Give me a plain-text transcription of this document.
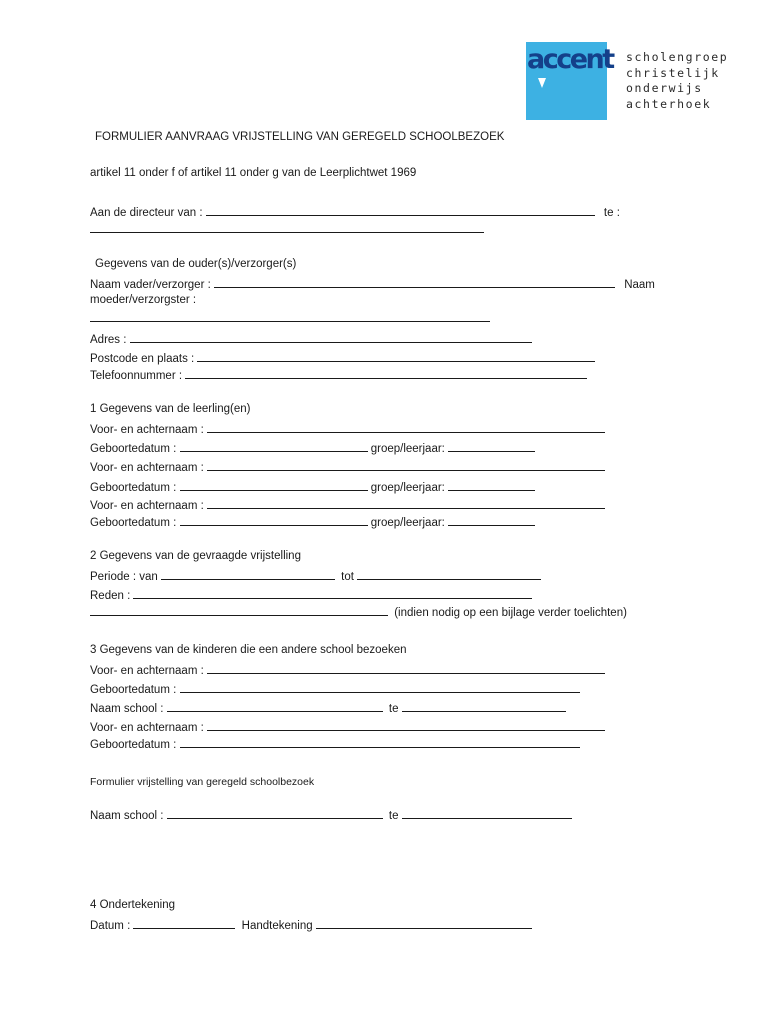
accent scholengroep
christelijk
onderwijs
achterhoek
FORMULIER AANVRAAG VRIJSTELLING VAN GEREGELD SCHOOLBEZOEK
artikel 11 onder f of artikel 11 onder g van de Leerplichtwet 1969
Aan de directeur van :	te :
Gegevens van de ouder(s)/verzorger(s)
Naam vader/verzorger :	Naam
moeder/verzorgster :
Adres :
Postcode en plaats :
Telefoonnummer :
1 Gegevens van de leerling(en)
Voor- en achternaam :
Geboortedatum :	groep/leerjaar:
Voor- en achternaam :
Geboortedatum :	groep/leerjaar:
Voor- en achternaam :
Geboortedatum :	groep/leerjaar:
2 Gegevens van de gevraagde vrijstelling
Periode : van	tot
Reden :
(indien nodig op een bijlage verder toelichten)
3 Gegevens van de kinderen die een andere school bezoeken
Voor- en achternaam :
Geboortedatum :
Naam school :	te
Voor- en achternaam :
Geboortedatum :
Formulier vrijstelling van geregeld schoolbezoek
Naam school :	te
4 Ondertekening
Datum :	Handtekening
